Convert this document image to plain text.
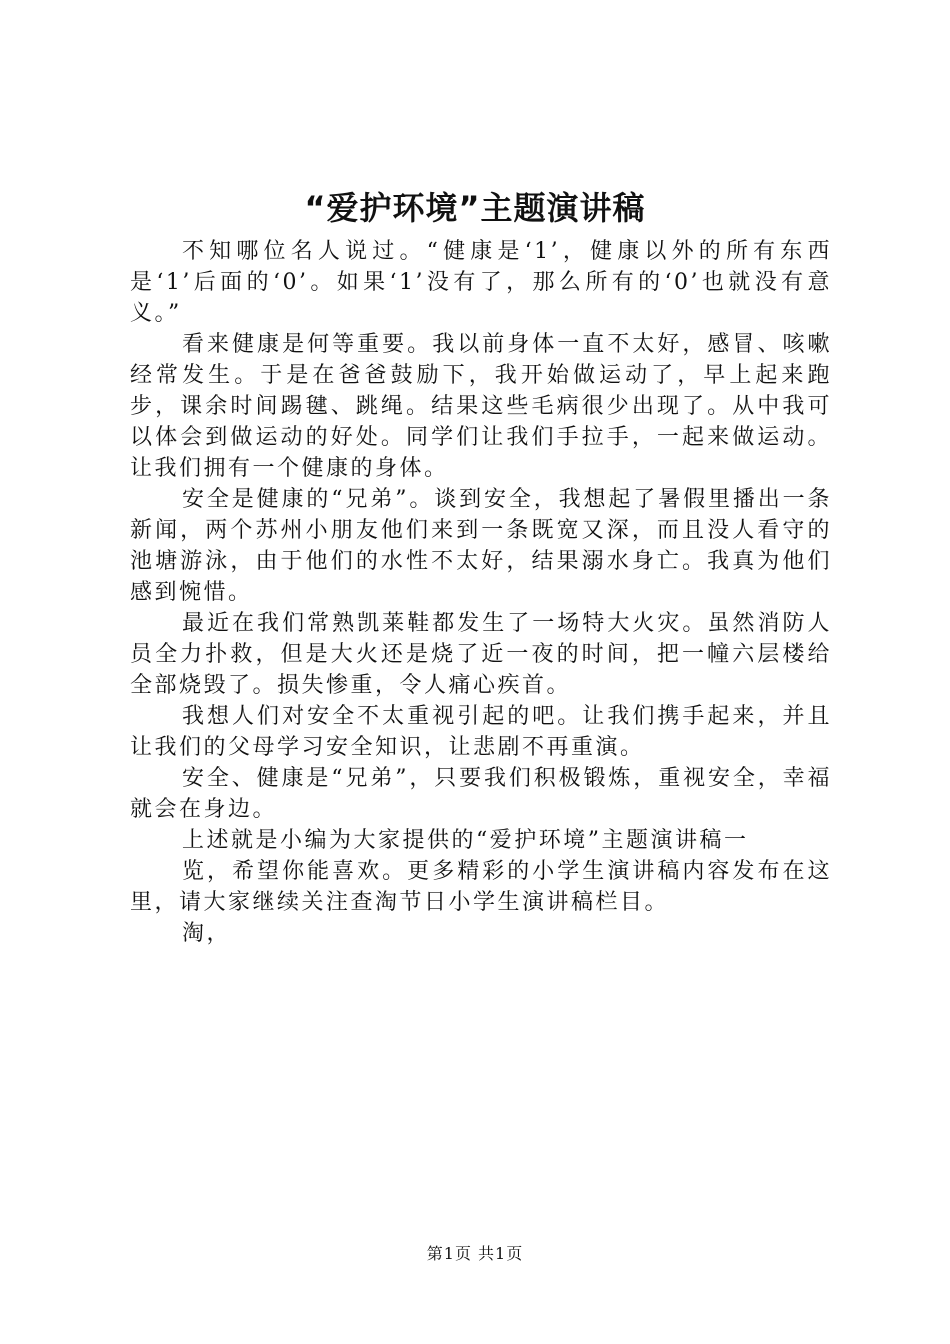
“爱护环境”主题演讲稿

不知哪位名人说过。“健康是‘1’，健康以外的所有东西是‘1’后面的‘0’。如果‘1’没有了，那么所有的‘0’也就没有意义。”

看来健康是何等重要。我以前身体一直不太好，感冒、咳嗽经常发生。于是在爸爸鼓励下，我开始做运动了，早上起来跑步，课余时间踢毽、跳绳。结果这些毛病很少出现了。从中我可以体会到做运动的好处。同学们让我们手拉手，一起来做运动。让我们拥有一个健康的身体。

安全是健康的“兄弟”。谈到安全，我想起了暑假里播出一条新闻，两个苏州小朋友他们来到一条既宽又深，而且没人看守的池塘游泳，由于他们的水性不太好，结果溺水身亡。我真为他们感到惋惜。

最近在我们常熟凯莱鞋都发生了一场特大火灾。虽然消防人员全力扑救，但是大火还是烧了近一夜的时间，把一幢六层楼给全部烧毁了。损失惨重，令人痛心疾首。

我想人们对安全不太重视引起的吧。让我们携手起来，并且让我们的父母学习安全知识，让悲剧不再重演。

安全、健康是“兄弟”，只要我们积极锻炼，重视安全，幸福就会在身边。

上述就是小编为大家提供的“爱护环境”主题演讲稿一

览，希望你能喜欢。更多精彩的小学生演讲稿内容发布在这里，请大家继续关注查淘节日小学生演讲稿栏目。

淘，

第1页 共1页
